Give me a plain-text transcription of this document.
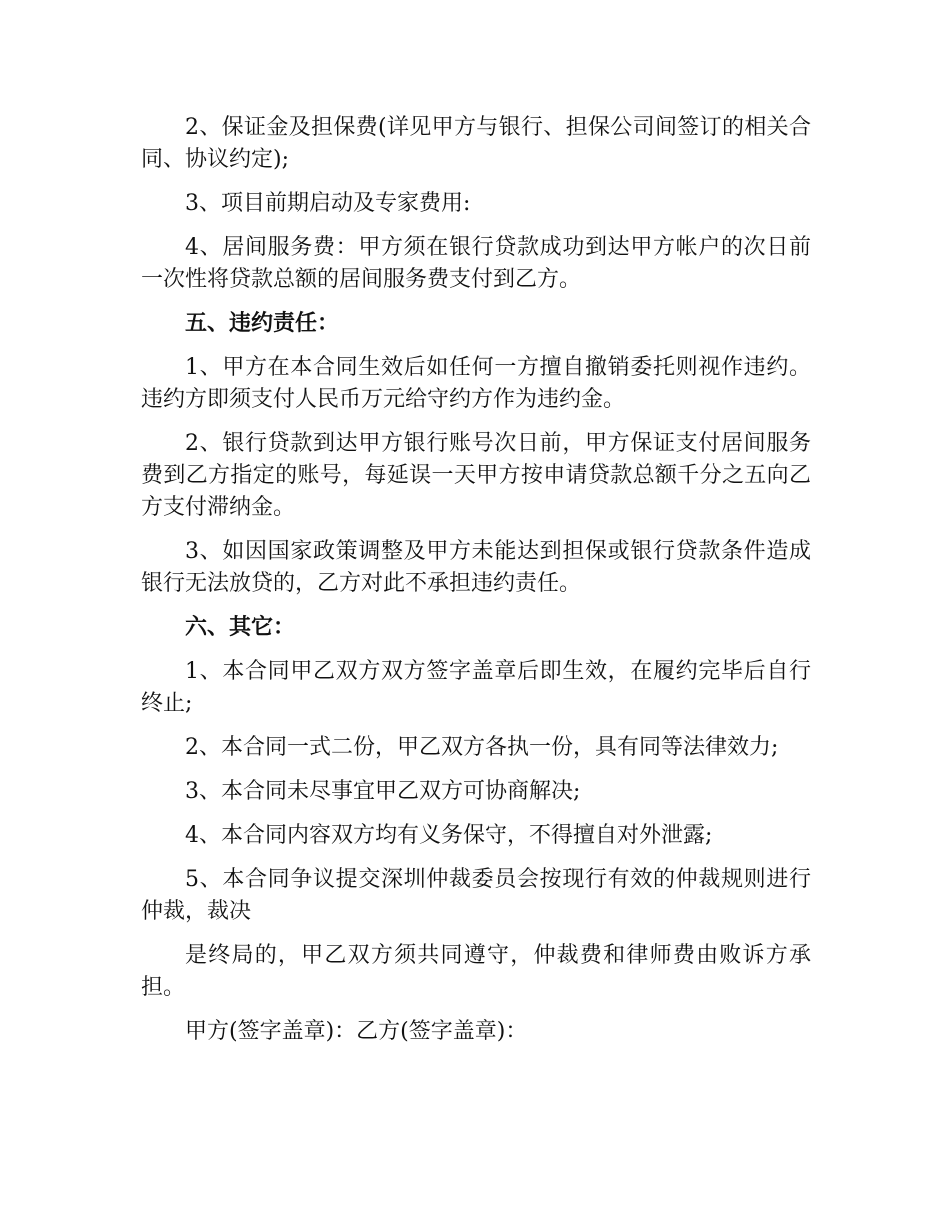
2、保证金及担保费(详见甲方与银行、担保公司间签订的相关合同、协议约定);

3、项目前期启动及专家费用:

4、居间服务费：甲方须在银行贷款成功到达甲方帐户的次日前一次性将贷款总额的居间服务费支付到乙方。

五、违约责任：

1、甲方在本合同生效后如任何一方擅自撤销委托则视作违约。违约方即须支付人民币万元给守约方作为违约金。

2、银行贷款到达甲方银行账号次日前，甲方保证支付居间服务费到乙方指定的账号，每延误一天甲方按申请贷款总额千分之五向乙方支付滞纳金。

3、如因国家政策调整及甲方未能达到担保或银行贷款条件造成银行无法放贷的，乙方对此不承担违约责任。

六、其它：

1、本合同甲乙双方双方签字盖章后即生效，在履约完毕后自行终止;

2、本合同一式二份，甲乙双方各执一份，具有同等法律效力;

3、本合同未尽事宜甲乙双方可协商解决;

4、本合同内容双方均有义务保守，不得擅自对外泄露;

5、本合同争议提交深圳仲裁委员会按现行有效的仲裁规则进行仲裁，裁决

是终局的，甲乙双方须共同遵守，仲裁费和律师费由败诉方承担。

甲方(签字盖章)：乙方(签字盖章)：
